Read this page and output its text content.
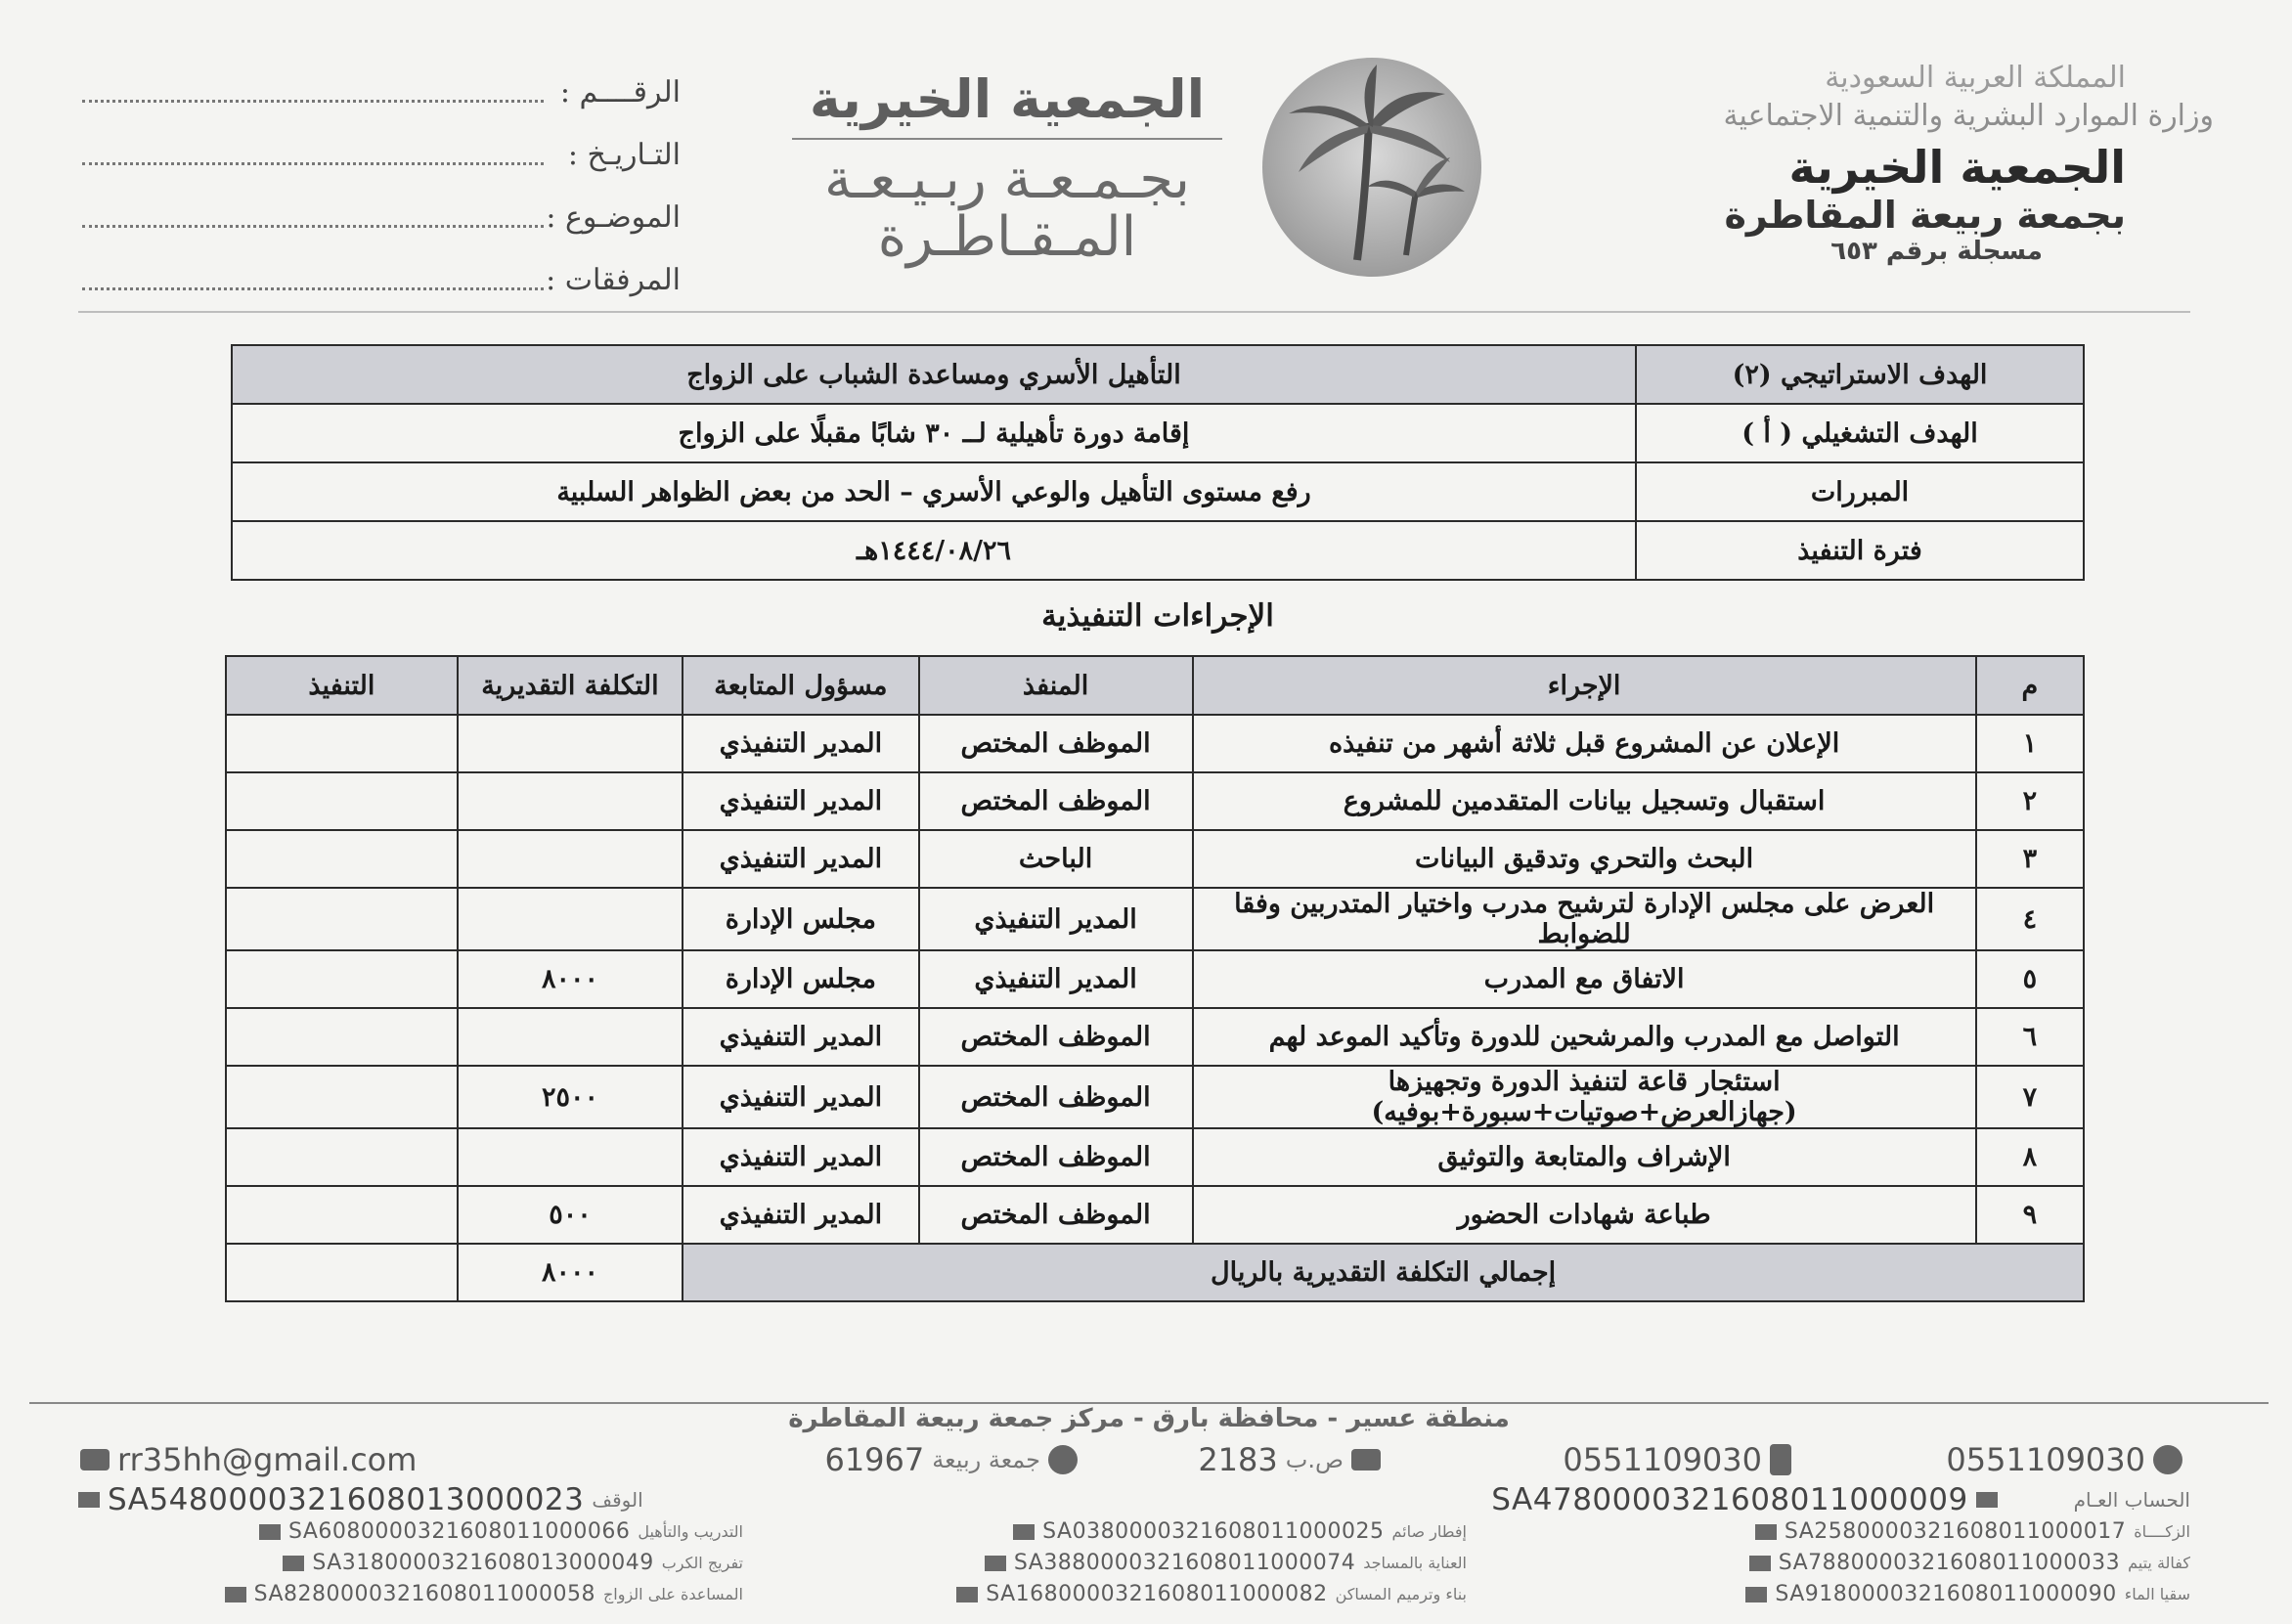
المملكة العربية السعودية
وزارة الموارد البشرية والتنمية الاجتماعية
الجمعية الخيرية
بجمعة ربيعة المقاطرة
مسجلة برقم ٦٥٣
الجمعية الخيرية
بجـمـعـة ربـيـعـة
المـقـاطـرة
الرقــــم :
التـاريـخ :
الموضـوع :
المرفقات :
الهدف الاستراتيجي (٢)	التأهيل الأسري ومساعدة الشباب على الزواج
الهدف التشغيلي ( أ )	إقامة دورة تأهيلية لــ ٣٠ شابًا مقبلًا على الزواج
المبررات	رفع مستوى التأهيل والوعي الأسري – الحد من بعض الظواهر السلبية
فترة التنفيذ	١٤٤٤/٠٨/٢٦هـ
الإجراءات التنفيذية
م	الإجراء	المنفذ	مسؤول المتابعة	التكلفة التقديرية	التنفيذ
١	الإعلان عن المشروع قبل ثلاثة أشهر من تنفيذه	الموظف المختص	المدير التنفيذي		
٢	استقبال وتسجيل بيانات المتقدمين للمشروع	الموظف المختص	المدير التنفيذي		
٣	البحث والتحري وتدقيق البيانات	الباحث	المدير التنفيذي		
٤	العرض على مجلس الإدارة لترشيح مدرب واختيار المتدربين وفقا للضوابط	المدير التنفيذي	مجلس الإدارة		
٥	الاتفاق مع المدرب	المدير التنفيذي	مجلس الإدارة	٨٠٠٠	
٦	التواصل مع المدرب والمرشحين للدورة وتأكيد الموعد لهم	الموظف المختص	المدير التنفيذي		
٧	استئجار قاعة لتنفيذ الدورة وتجهيزها (جهازالعرض+صوتيات+سبورة+بوفيه)	الموظف المختص	المدير التنفيذي	٢٥٠٠	
٨	الإشراف والمتابعة والتوثيق	الموظف المختص	المدير التنفيذي		
٩	طباعة شهادات الحضور	الموظف المختص	المدير التنفيذي	٥٠٠	
إجمالي التكلفة التقديرية بالريال				٨٠٠٠	
منطقة عسير - محافظة بارق - مركز جمعة ربيعة المقاطرة
0551109030
0551109030
2183 ص.ب
61967 جمعة ربيعة
rr35hh@gmail.com
SA4780000321608011000009	الحساب العـام
SA5480000321608013000023 الوقف
SA2580000321608011000017 الزكــــاة
SA0380000321608011000025 إفطار صائم
SA6080000321608011000066 التدريب والتأهيل
SA7880000321608011000033 كفالة يتيم
SA3880000321608011000074 العناية بالمساجد
SA3180000321608013000049 تفريج الكرب
SA9180000321608011000090 سقيا الماء
SA1680000321608011000082 بناء وترميم المساكن
SA8280000321608011000058 المساعدة على الزواج
